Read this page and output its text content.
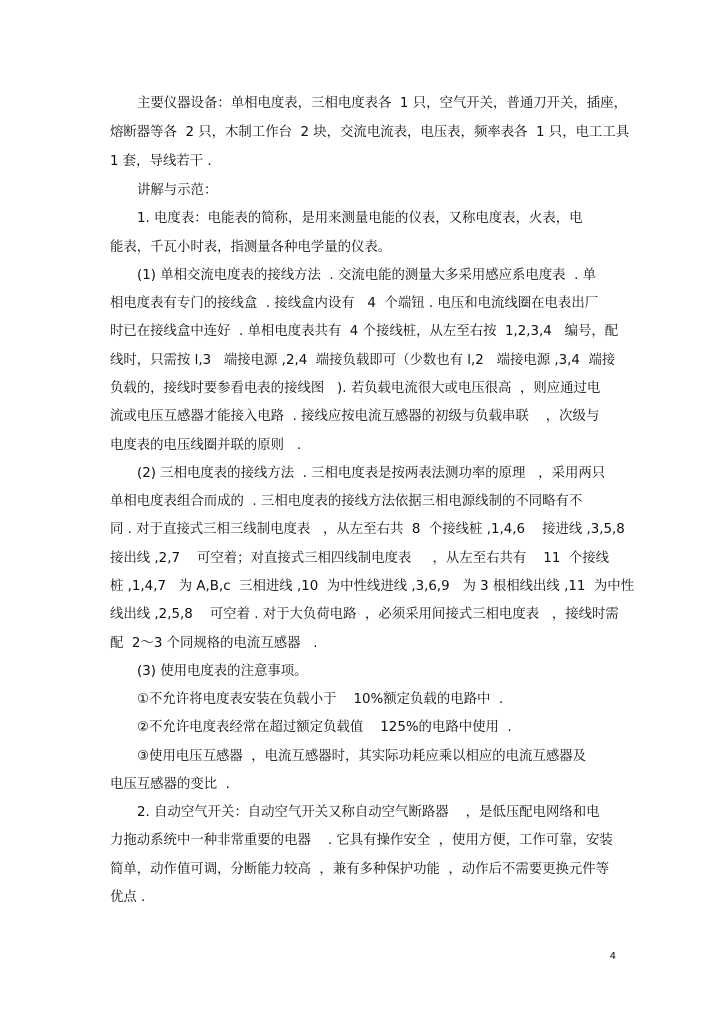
主要仪器设备：单相电度表，三相电度表各  1 只，空气开关，普通刀开关，插座，
熔断器等各  2 只，木制工作台  2 块，交流电流表，电压表，频率表各  1 只，电工工具
1 套，导线若干 .
讲解与示范：
1. 电度表：电能表的简称，是用来测量电能的仪表，又称电度表，火表，电
能表，千瓦小时表，指测量各种电学量的仪表。
(1) 单相交流电度表的接线方法  . 交流电能的测量大多采用感应系电度表  . 单
相电度表有专门的接线盒  . 接线盒内设有   4  个端钮 . 电压和电流线圈在电表出厂
时已在接线盒中连好  . 单相电度表共有  4 个接线桩，从左至右按  1,2,3,4   编号，配
线时，只需按 l,3   端接电源 ,2,4  端接负载即可（少数也有 l,2   端接电源 ,3,4  端接
负载的，接线时要参看电表的接线图   ). 若负载电流很大或电压很高  ，则应通过电
流或电压互感器才能接入电路  . 接线应按电流互感器的初级与负载串联    ，次级与
电度表的电压线圈并联的原则   .
(2) 三相电度表的接线方法  . 三相电度表是按两表法测功率的原理   ，采用两只
单相电度表组合而成的  . 三相电度表的接线方法依据三相电源线制的不同略有不
同 . 对于直接式三相三线制电度表   ，从左至右共  8  个接线桩 ,1,4,6    接进线 ,3,5,8
接出线 ,2,7    可空着；对直接式三相四线制电度表     ，从左至右共有    11  个接线
桩 ,1,4,7   为 A,B,c  三相进线 ,10  为中性线进线 ,3,6,9   为 3 根相线出线 ,11  为中性
线出线 ,2,5,8    可空着 . 对于大负荷电路  ，必须采用间接式三相电度表   ，接线时需
配  2～3 个同规格的电流互感器   .
(3) 使用电度表的注意事项。
①不允许将电度表安装在负载小于    10%额定负载的电路中  .
②不允许电度表经常在超过额定负载值    125%的电路中使用  .
③使用电压互感器  ，电流互感器时，其实际功耗应乘以相应的电流互感器及
电压互感器的变比  .
2. 自动空气开关：自动空气开关又称自动空气断路器    ，是低压配电网络和电
力拖动系统中一种非常重要的电器    . 它具有操作安全  ，使用方便，工作可靠，安装
简单，动作值可调，分断能力较高  ，兼有多种保护功能  ，动作后不需要更换元件等
优点 .
4
